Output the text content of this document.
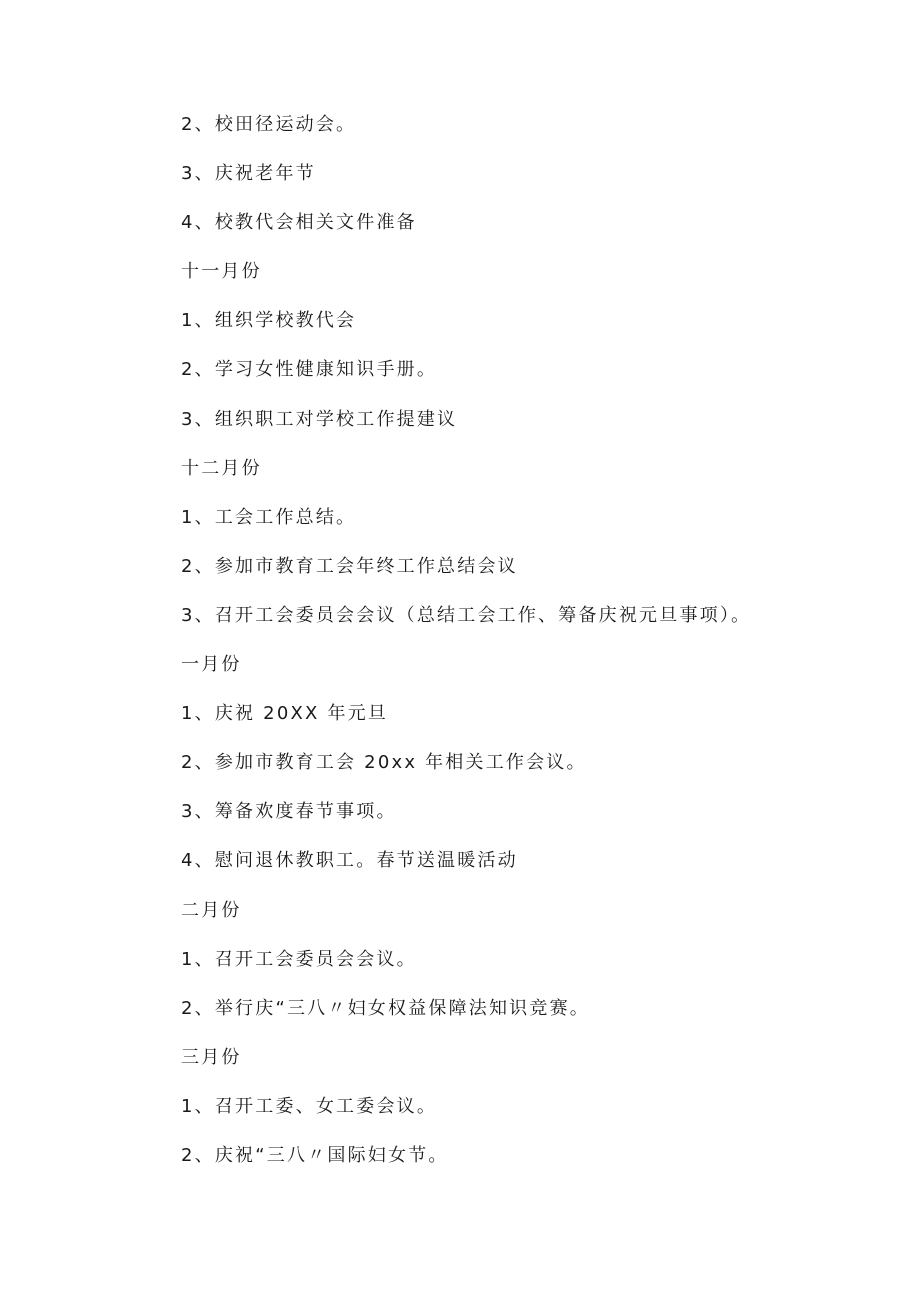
2、校田径运动会。
3、庆祝老年节
4、校教代会相关文件准备
十一月份
1、组织学校教代会
2、学习女性健康知识手册。
3、组织职工对学校工作提建议
十二月份
1、工会工作总结。
2、参加市教育工会年终工作总结会议
3、召开工会委员会会议（总结工会工作、筹备庆祝元旦事项）。
一月份
1、庆祝 20XX 年元旦
2、参加市教育工会 20xx 年相关工作会议。
3、筹备欢度春节事项。
4、慰问退休教职工。春节送温暖活动
二月份
1、召开工会委员会会议。
2、举行庆“三八〃妇女权益保障法知识竞赛。
三月份
1、召开工委、女工委会议。
2、庆祝“三八〃国际妇女节。
